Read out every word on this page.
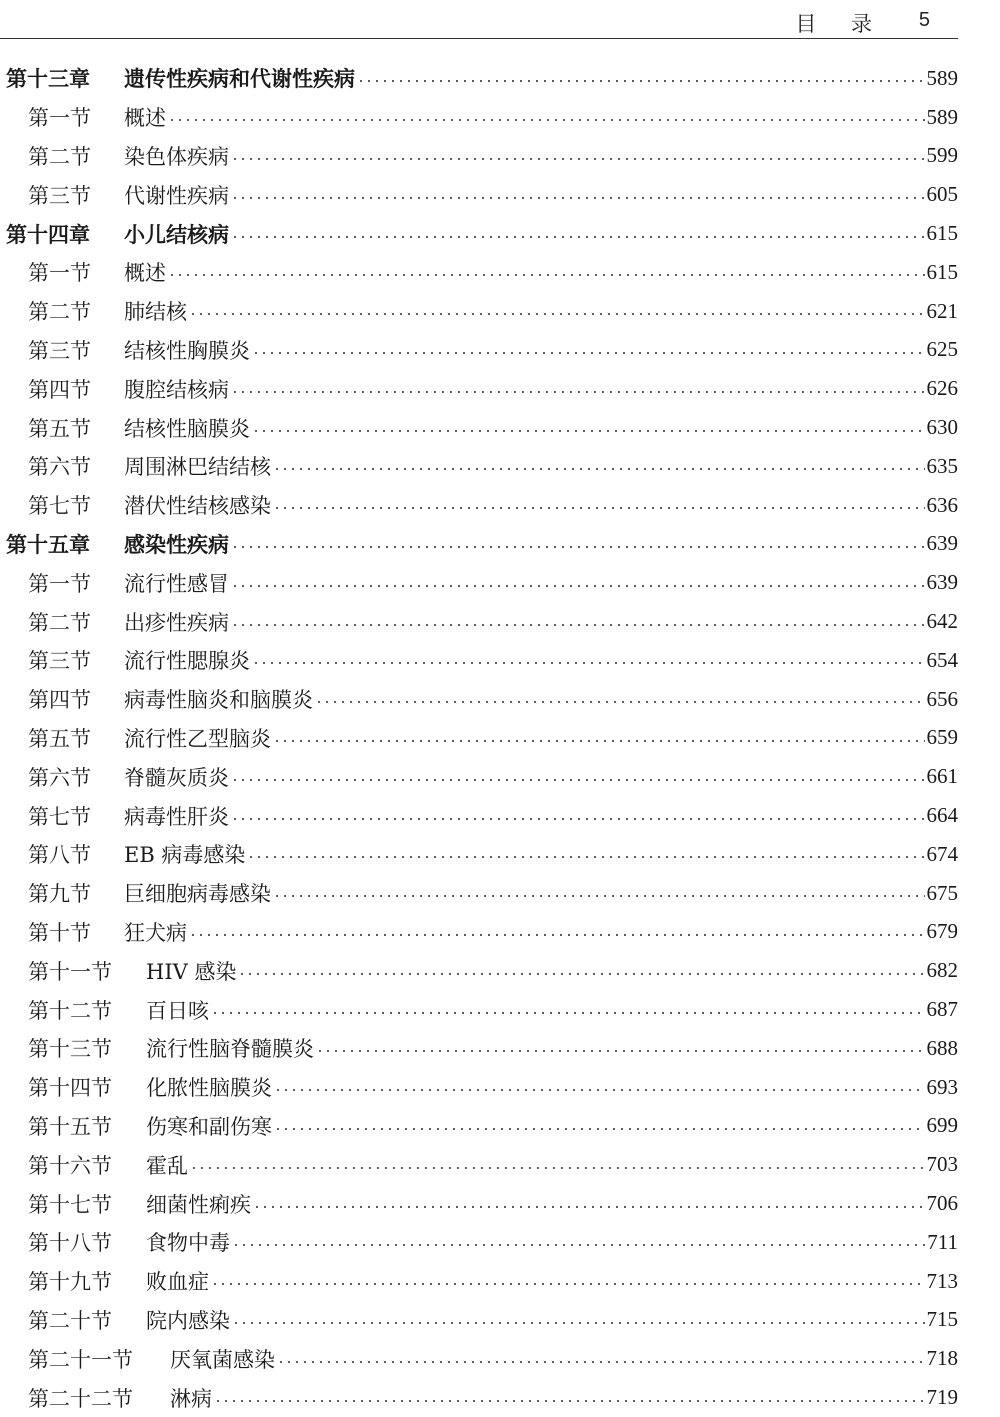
目 录 5
第十三章	遗传性疾病和代谢性疾病	589
第一节	概述	589
第二节	染色体疾病	599
第三节	代谢性疾病	605
第十四章	小儿结核病	615
第一节	概述	615
第二节	肺结核	621
第三节	结核性胸膜炎	625
第四节	腹腔结核病	626
第五节	结核性脑膜炎	630
第六节	周围淋巴结结核	635
第七节	潜伏性结核感染	636
第十五章	感染性疾病	639
第一节	流行性感冒	639
第二节	出疹性疾病	642
第三节	流行性腮腺炎	654
第四节	病毒性脑炎和脑膜炎	656
第五节	流行性乙型脑炎	659
第六节	脊髓灰质炎	661
第七节	病毒性肝炎	664
第八节	EB 病毒感染	674
第九节	巨细胞病毒感染	675
第十节	狂犬病	679
第十一节	HIV 感染	682
第十二节	百日咳	687
第十三节	流行性脑脊髓膜炎	688
第十四节	化脓性脑膜炎	693
第十五节	伤寒和副伤寒	699
第十六节	霍乱	703
第十七节	细菌性痢疾	706
第十八节	食物中毒	711
第十九节	败血症	713
第二十节	院内感染	715
第二十一节	厌氧菌感染	718
第二十二节	淋病	719
